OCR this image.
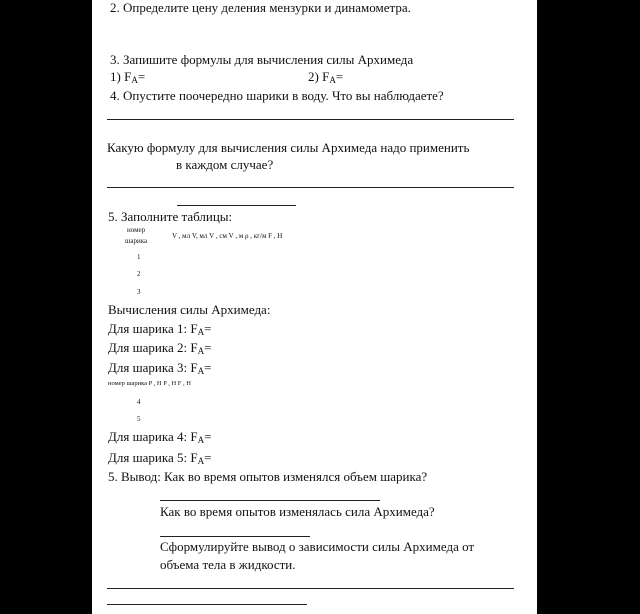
2. Определите цену деления мензурки и динамометра.
3. Запишите формулы для вычисления силы Архимеда
1) $F_A=$	2) $F_A=$
4. Опустите поочередно шарики в воду. Что вы наблюдаете?
Какую формулу для вычисления силы Архимеда надо применить
в каждом случае?
5. Заполните таблицы:
номер
шарика
V , мл V, мл V , см V , м ρ , кг/м F , Н
1
2
3
Вычисления силы Архимеда:
Для шарика 1: $F_A=$
Для шарика 2: $F_A=$
Для шарика 3: $F_A=$
номер шарика P , Н P , Н F , Н
4
5
Для шарика 4: $F_A=$
Для шарика 5: $F_A=$
5. Вывод: Как во время опытов изменялся объем шарика?
Как во время опытов изменялась сила Архимеда?
Сформулируйте вывод о зависимости силы Архимеда от
объема тела в жидкости.
